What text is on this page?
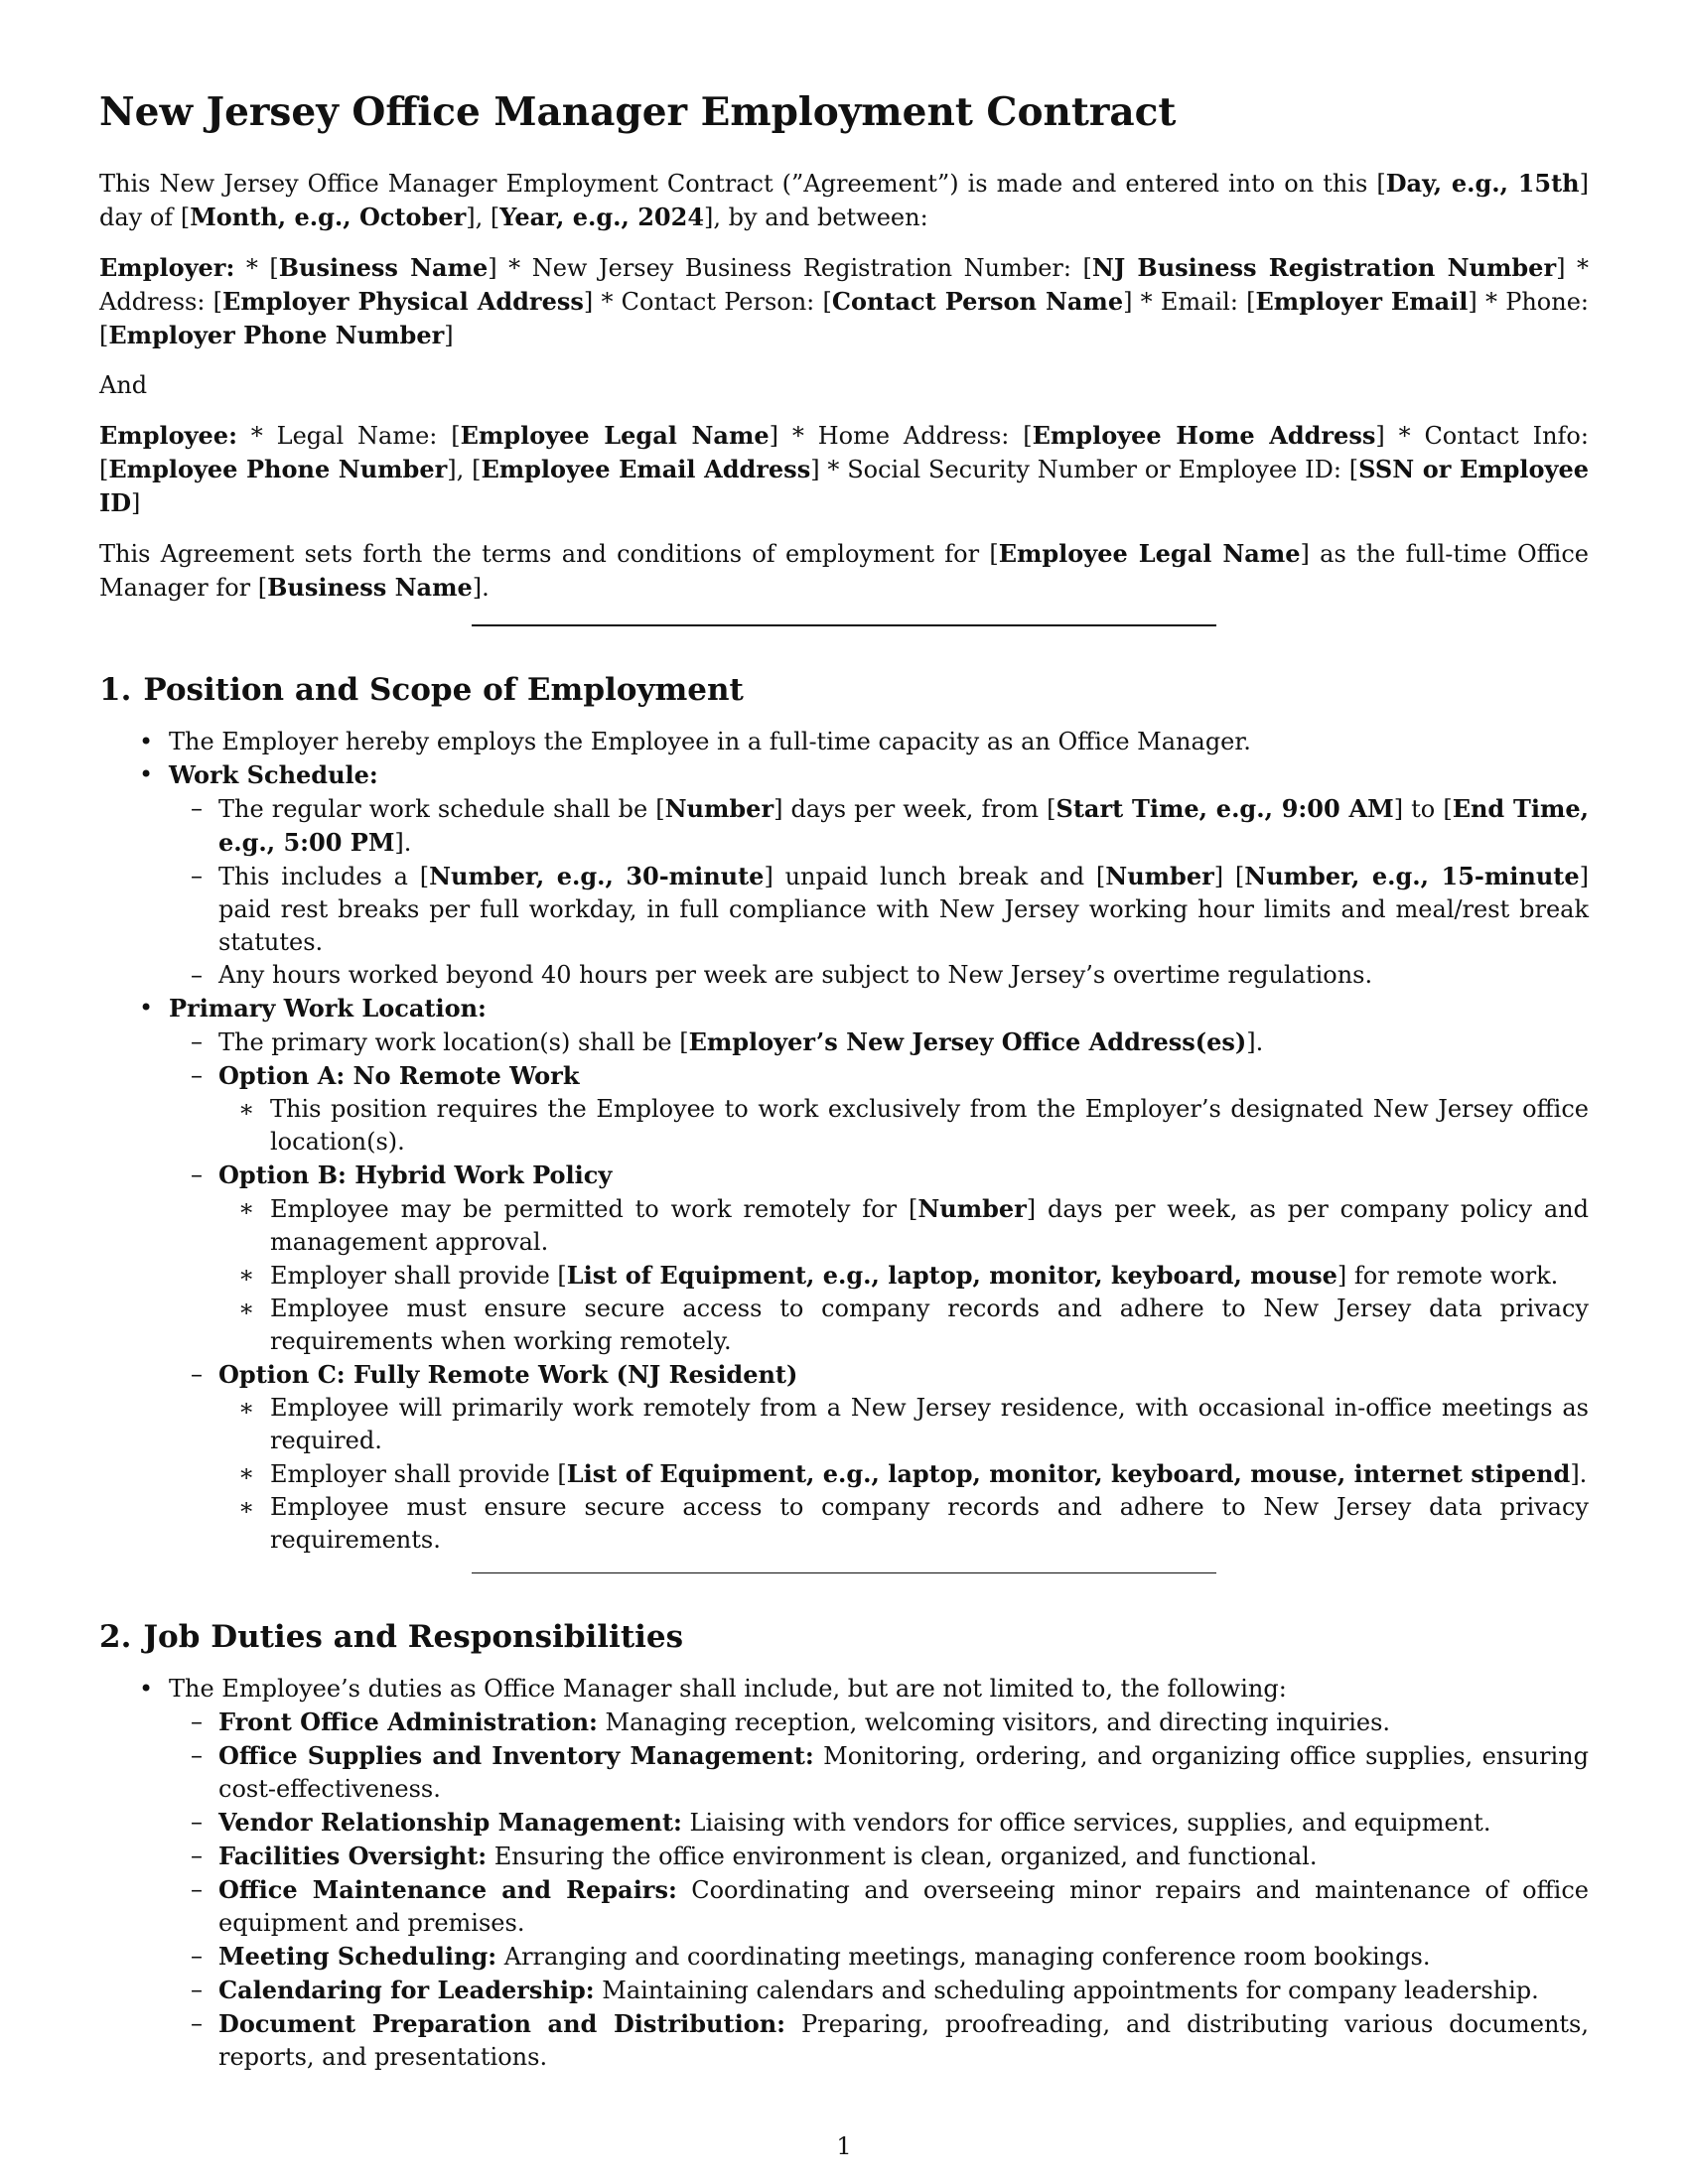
New Jersey Office Manager Employment Contract

This New Jersey Office Manager Employment Contract (”Agreement”) is made and entered into on this [Day, e.g., 15th] day of [Month, e.g., October], [Year, e.g., 2024], by and between:

Employer: * [Business Name] * New Jersey Business Registration Number: [NJ Business Registration Number] * Address: [Employer Physical Address] * Contact Person: [Contact Person Name] * Email: [Employer Email] * Phone: [Employer Phone Number]

And

Employee: * Legal Name: [Employee Legal Name] * Home Address: [Employee Home Address] * Contact Info: [Employee Phone Number], [Employee Email Address] * Social Security Number or Employee ID: [SSN or Employee ID]

This Agreement sets forth the terms and conditions of employment for [Employee Legal Name] as the full-time Office Manager for [Business Name].

1. Position and Scope of Employment
• The Employer hereby employs the Employee in a full-time capacity as an Office Manager.
• Work Schedule:
– The regular work schedule shall be [Number] days per week, from [Start Time, e.g., 9:00 AM] to [End Time, e.g., 5:00 PM].
– This includes a [Number, e.g., 30-minute] unpaid lunch break and [Number] [Number, e.g., 15-minute] paid rest breaks per full workday, in full compliance with New Jersey working hour limits and meal/rest break statutes.
– Any hours worked beyond 40 hours per week are subject to New Jersey’s overtime regulations.
• Primary Work Location:
– The primary work location(s) shall be [Employer’s New Jersey Office Address(es)].
– Option A: No Remote Work
∗ This position requires the Employee to work exclusively from the Employer’s designated New Jersey office location(s).
– Option B: Hybrid Work Policy
∗ Employee may be permitted to work remotely for [Number] days per week, as per company policy and management approval.
∗ Employer shall provide [List of Equipment, e.g., laptop, monitor, keyboard, mouse] for remote work.
∗ Employee must ensure secure access to company records and adhere to New Jersey data privacy requirements when working remotely.
– Option C: Fully Remote Work (NJ Resident)
∗ Employee will primarily work remotely from a New Jersey residence, with occasional in-office meetings as required.
∗ Employer shall provide [List of Equipment, e.g., laptop, monitor, keyboard, mouse, internet stipend].
∗ Employee must ensure secure access to company records and adhere to New Jersey data privacy requirements.
2. Job Duties and Responsibilities
• The Employee’s duties as Office Manager shall include, but are not limited to, the following:
– Front Office Administration: Managing reception, welcoming visitors, and directing inquiries.
– Office Supplies and Inventory Management: Monitoring, ordering, and organizing office supplies, ensuring cost-effectiveness.
– Vendor Relationship Management: Liaising with vendors for office services, supplies, and equipment.
– Facilities Oversight: Ensuring the office environment is clean, organized, and functional.
– Office Maintenance and Repairs: Coordinating and overseeing minor repairs and maintenance of office equipment and premises.
– Meeting Scheduling: Arranging and coordinating meetings, managing conference room bookings.
– Calendaring for Leadership: Maintaining calendars and scheduling appointments for company leadership.
– Document Preparation and Distribution: Preparing, proofreading, and distributing various documents, reports, and presentations.
1
